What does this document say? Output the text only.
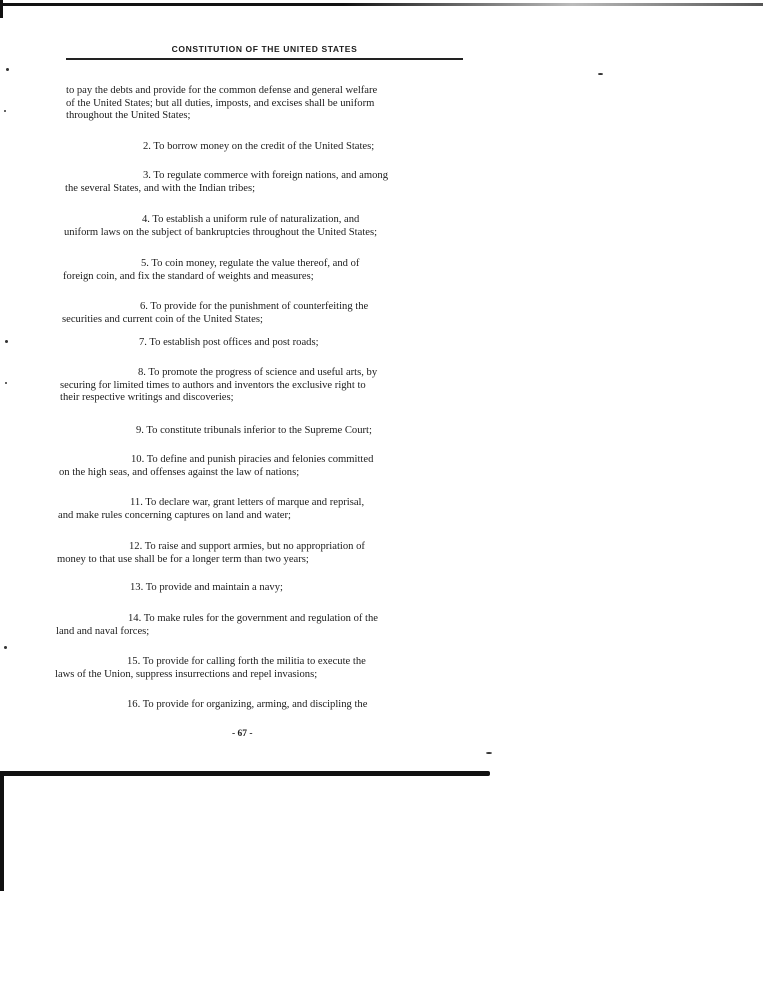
CONSTITUTION OF THE UNITED STATES
to pay the debts and provide for the common defense and general welfare
of the United States; but all duties, imposts, and excises shall be uniform
throughout the United States;
2. To borrow money on the credit of the United States;
3. To regulate commerce with foreign nations, and among
the several States, and with the Indian tribes;
4. To establish a uniform rule of naturalization, and
uniform laws on the subject of bankruptcies throughout the United States;
5. To coin money, regulate the value thereof, and of
foreign coin, and fix the standard of weights and measures;
6. To provide for the punishment of counterfeiting the
securities and current coin of the United States;
7. To establish post offices and post roads;
8. To promote the progress of science and useful arts, by
securing for limited times to authors and inventors the exclusive right to
their respective writings and discoveries;
9. To constitute tribunals inferior to the Supreme Court;
10. To define and punish piracies and felonies committed
on the high seas, and offenses against the law of nations;
11. To declare war, grant letters of marque and reprisal,
and make rules concerning captures on land and water;
12. To raise and support armies, but no appropriation of
money to that use shall be for a longer term than two years;
13. To provide and maintain a navy;
14. To make rules for the government and regulation of the
land and naval forces;
15. To provide for calling forth the militia to execute the
laws of the Union, suppress insurrections and repel invasions;
16. To provide for organizing, arming, and discipling the
- 67 -
